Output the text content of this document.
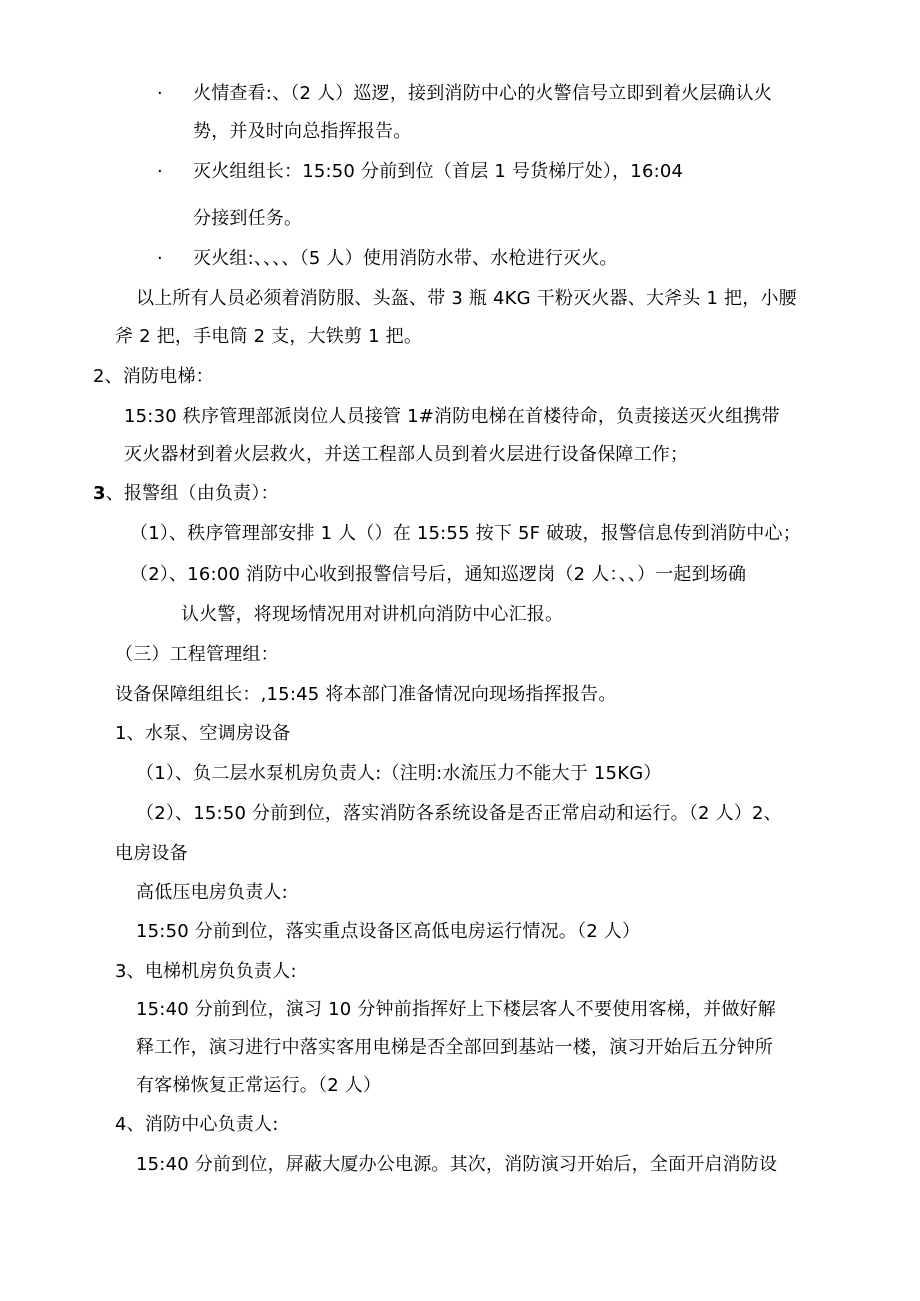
· 火情查看:、（2 人）巡逻，接到消防中心的火警信号立即到着火层确认火
势，并及时向总指挥报告。
· 灭火组组长：15:50 分前到位（首层 1 号货梯厅处），16:04
分接到任务。
· 灭火组:、、、、（5 人）使用消防水带、水枪进行灭火。
以上所有人员必须着消防服、头盔、带 3 瓶 4KG 干粉灭火器、大斧头 1 把，小腰
斧 2 把，手电筒 2 支，大铁剪 1 把。
2、消防电梯：
15:30 秩序管理部派岗位人员接管 1#消防电梯在首楼待命，负责接送灭火组携带
灭火器材到着火层救火，并送工程部人员到着火层进行设备保障工作；
3、报警组（由负责）：
（1）、秩序管理部安排 1 人（）在 15:55 按下 5F 破玻，报警信息传到消防中心；
（2）、16:00 消防中心收到报警信号后，通知巡逻岗（2 人：、、）一起到场确
认火警，将现场情况用对讲机向消防中心汇报。
（三）工程管理组：
设备保障组组长：,15:45 将本部门准备情况向现场指挥报告。
1、水泵、空调房设备
（1）、负二层水泵机房负责人:（注明:水流压力不能大于 15KG）
（2）、15:50 分前到位，落实消防各系统设备是否正常启动和运行。（2 人）2、
电房设备
高低压电房负责人:
15:50 分前到位，落实重点设备区高低电房运行情况。（2 人）
3、电梯机房负负责人:
15:40 分前到位，演习 10 分钟前指挥好上下楼层客人不要使用客梯，并做好解
释工作，演习进行中落实客用电梯是否全部回到基站一楼，演习开始后五分钟所
有客梯恢复正常运行。（2 人）
4、消防中心负责人:
15:40 分前到位，屏蔽大厦办公电源。其次，消防演习开始后，全面开启消防设
